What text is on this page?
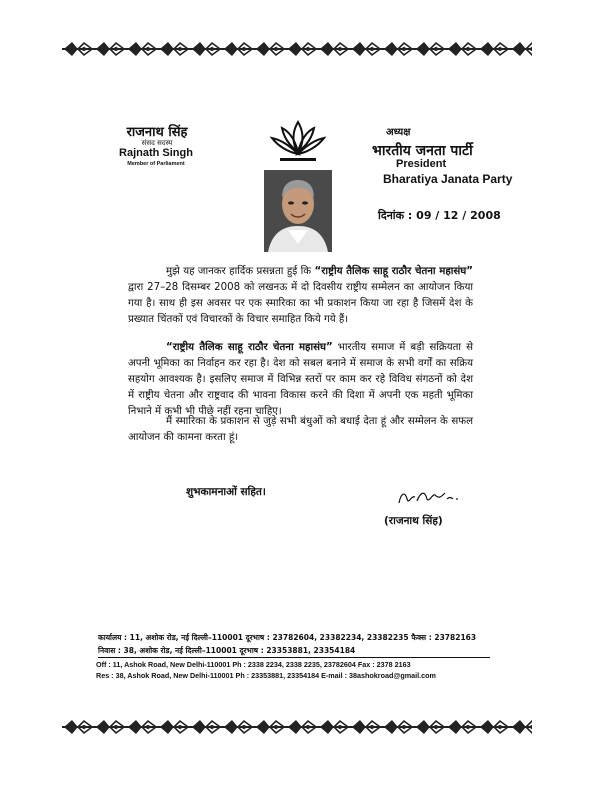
राजनाथ सिंह
संसद सदस्य
Rajnath Singh
Member of Parliament
अध्यक्ष
भारतीय जनता पार्टी
President
Bharatiya Janata Party
दिनांक : 09 / 12 / 2008
मुझे यह जानकर हार्दिक प्रसन्नता हुई कि “राष्ट्रीय तैलिक साहू राठौर चेतना महासंघ” द्वारा 27–28 दिसम्बर 2008 को लखनऊ में दो दिवसीय राष्ट्रीय सम्मेलन का आयोजन किया गया है। साथ ही इस अवसर पर एक स्मारिका का भी प्रकाशन किया जा रहा है जिसमें देश के प्रख्यात चिंतकों एवं विचारकों के विचार समाहित किये गये हैं।
“राष्ट्रीय तैलिक साहू राठौर चेतना महासंघ” भारतीय समाज में बड़ी सक्रियता से अपनी भूमिका का निर्वाहन कर रहा है। देश को सबल बनाने में समाज के सभी वर्गों का सक्रिय सहयोग आवश्यक है। इसलिए समाज में विभिन्न स्तरों पर काम कर रहे विविध संगठनों को देश में राष्ट्रीय चेतना और राष्ट्रवाद की भावना विकास करने की दिशा में अपनी एक महती भूमिका निभाने में कभी भी पीछे नहीं रहना चाहिए।
मैं स्मारिका के प्रकाशन से जुड़े सभी बंधुओं को बधाई देता हूं और सम्मेलन के सफल आयोजन की कामना करता हूं।
शुभकामनाओं सहित।
(राजनाथ सिंह)
कार्यालय : 11, अशोक रोड, नई दिल्ली–110001 दूरभाष : 23782604, 23382234, 23382235 फैक्स : 23782163
निवास : 38, अशोक रोड, नई दिल्ली–110001 दूरभाष : 23353881, 23354184
Off : 11, Ashok Road, New Delhi-110001 Ph : 2338 2234, 2338 2235, 23782604 Fax : 2378 2163
Res : 38, Ashok Road, New Delhi-110001 Ph : 23353881, 23354184 E-mail : 38ashokroad@gmail.com
